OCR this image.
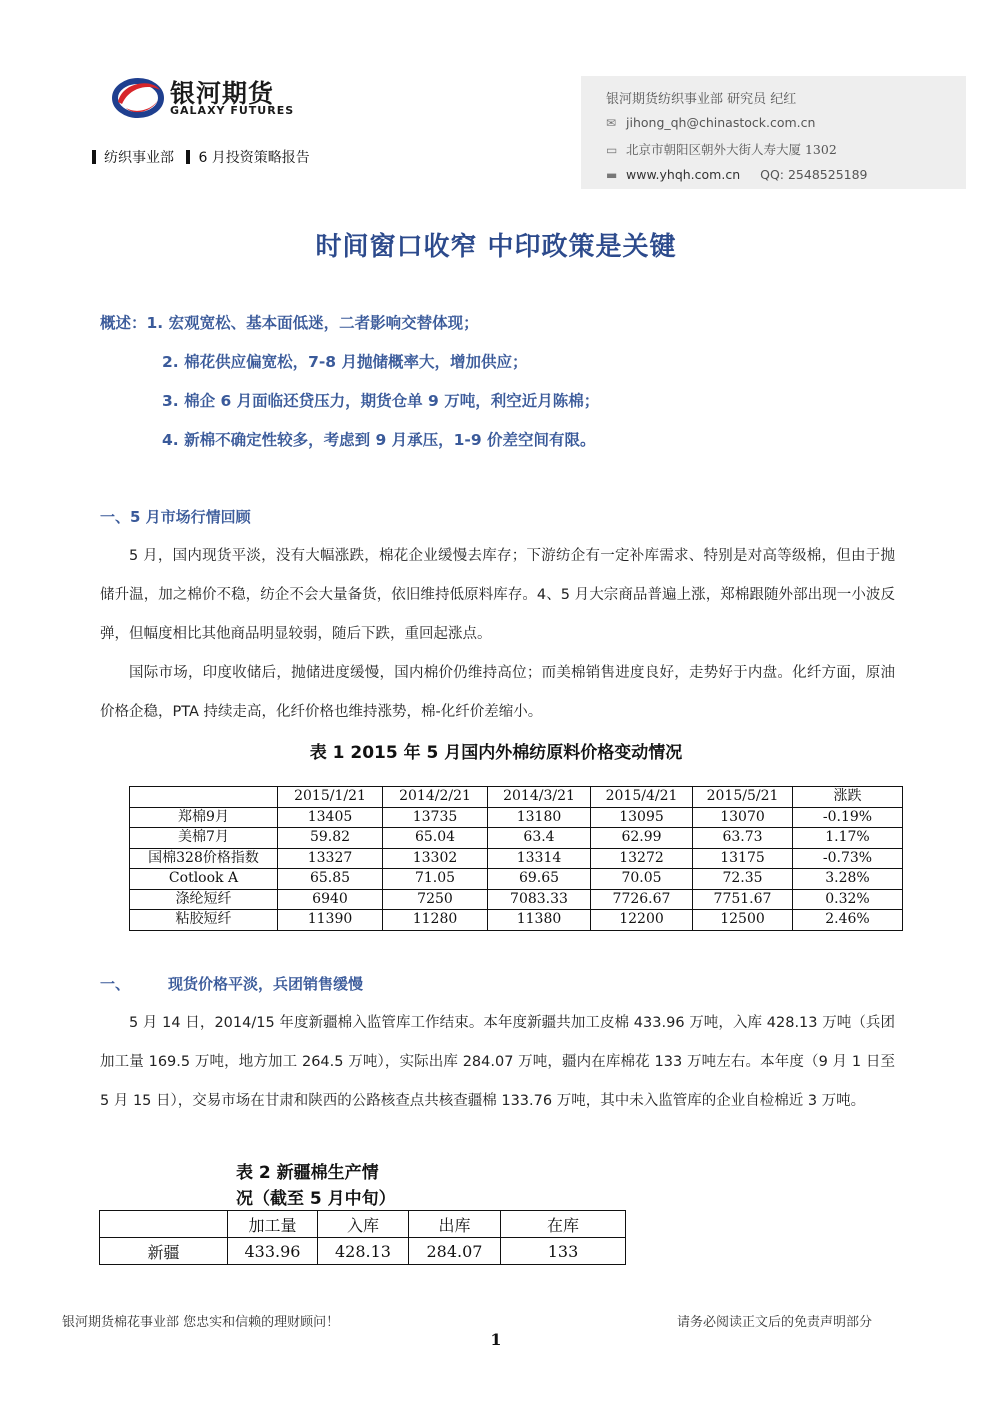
银河期货
GALAXY FUTURES
纺织事业部 6 月投资策略报告
银河期货纺织事业部 研究员 纪红
✉ jihong_qh@chinastock.com.cn
▭ 北京市朝阳区朝外大街人寿大厦 1302
▬ www.yhqh.com.cn QQ: 2548525189
时间窗口收窄 中印政策是关键
概述：1. 宏观宽松、基本面低迷，二者影响交替体现；
2. 棉花供应偏宽松，7-8 月抛储概率大，增加供应；
3. 棉企 6 月面临还贷压力，期货仓单 9 万吨，利空近月陈棉；
4. 新棉不确定性较多，考虑到 9 月承压，1-9 价差空间有限。
一、5 月市场行情回顾

5 月，国内现货平淡，没有大幅涨跌，棉花企业缓慢去库存；下游纺企有一定补库需求、特别是对高等级棉，但由于抛储升温，加之棉价不稳，纺企不会大量备货，依旧维持低原料库存。4、5 月大宗商品普遍上涨，郑棉跟随外部出现一小波反弹，但幅度相比其他商品明显较弱，随后下跌，重回起涨点。

国际市场，印度收储后，抛储进度缓慢，国内棉价仍维持高位；而美棉销售进度良好，走势好于内盘。化纤方面，原油价格企稳，PTA 持续走高，化纤价格也维持涨势，棉-化纤价差缩小。

表 1 2015 年 5 月国内外棉纺原料价格变动情况
	2015/1/21	2014/2/21	2014/3/21	2015/4/21	2015/5/21	涨跌
郑棉9月	13405	13735	13180	13095	13070	-0.19%
美棉7月	59.82	65.04	63.4	62.99	63.73	1.17%
国棉328价格指数	13327	13302	13314	13272	13175	-0.73%
Cotlook A	65.85	71.05	69.65	70.05	72.35	3.28%
涤纶短纤	6940	7250	7083.33	7726.67	7751.67	0.32%
粘胶短纤	11390	11280	11380	12200	12500	2.46%
一、	现货价格平淡，兵团销售缓慢

5 月 14 日，2014/15 年度新疆棉入监管库工作结束。本年度新疆共加工皮棉 433.96 万吨，入库 428.13 万吨（兵团加工量 169.5 万吨，地方加工 264.5 万吨），实际出库 284.07 万吨，疆内在库棉花 133 万吨左右。本年度（9 月 1 日至 5 月 15 日），交易市场在甘肃和陕西的公路核查点共核查疆棉 133.76 万吨，其中未入监管库的企业自检棉近 3 万吨。

表 2 新疆棉生产情
况（截至 5 月中旬）
	加工量	入库	出库	在库
新疆	433.96	428.13	284.07	133
银河期货棉花事业部 您忠实和信赖的理财顾问！	请务必阅读正文后的免责声明部分
1
